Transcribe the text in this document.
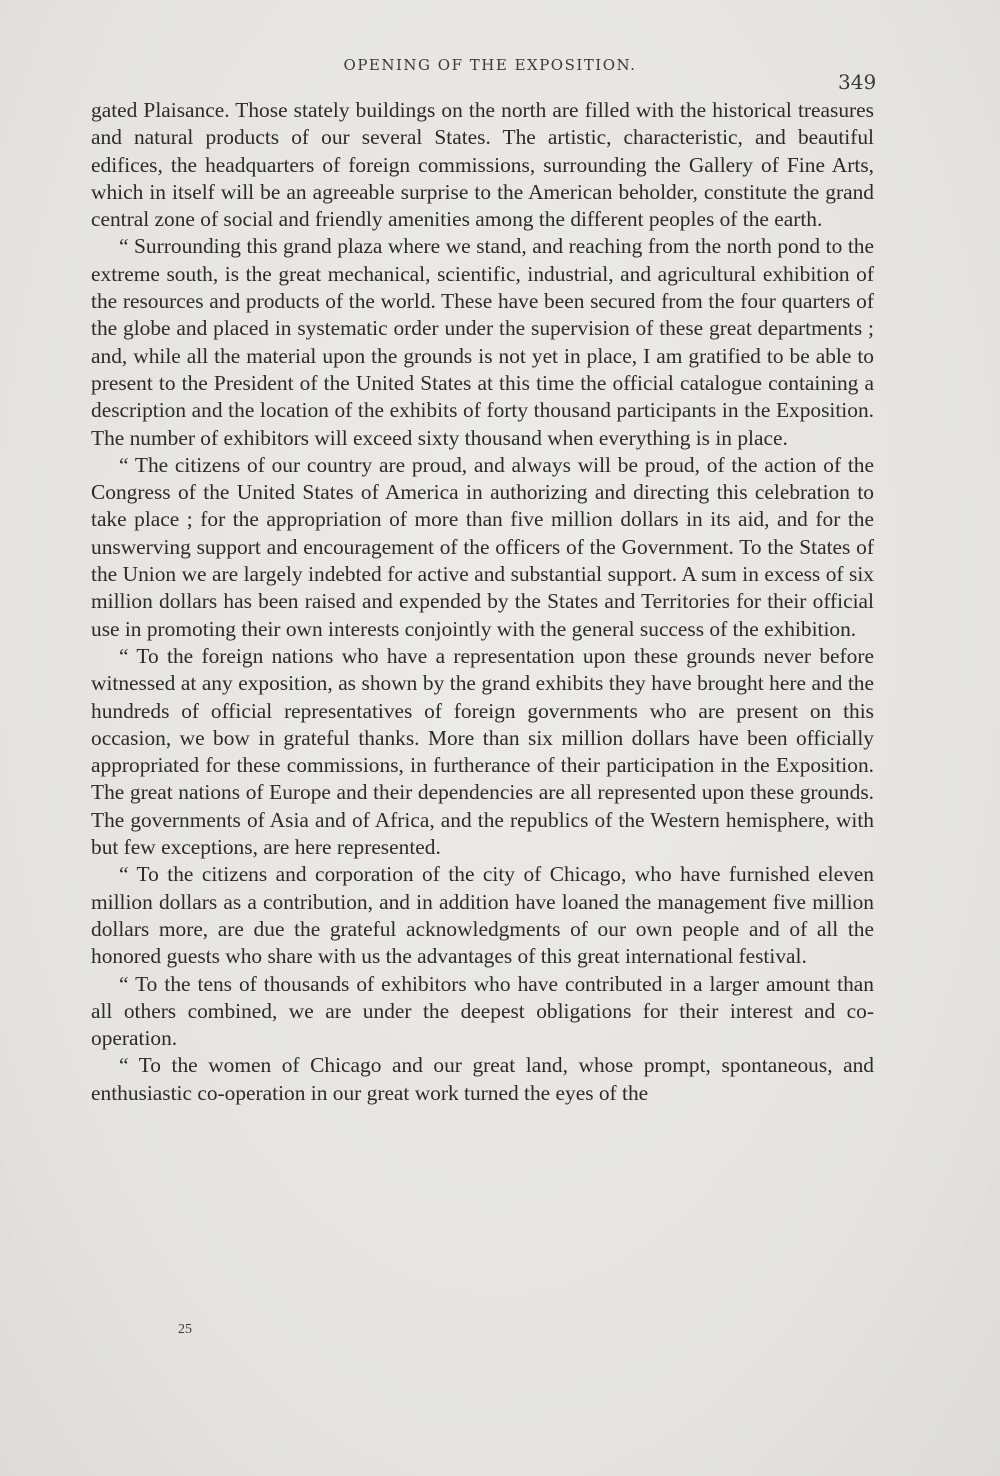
OPENING OF THE EXPOSITION.
349

gated Plaisance. Those stately buildings on the north are filled with the historical treasures and natural products of our several States. The artistic, characteristic, and beautiful edifices, the headquarters of foreign commissions, surrounding the Gallery of Fine Arts, which in itself will be an agreeable surprise to the American beholder, constitute the grand central zone of social and friendly amenities among the different peoples of the earth.

“ Surrounding this grand plaza where we stand, and reaching from the north pond to the extreme south, is the great mechanical, scientific, industrial, and agricultural exhibition of the resources and products of the world. These have been secured from the four quarters of the globe and placed in systematic order under the supervision of these great departments ; and, while all the material upon the grounds is not yet in place, I am gratified to be able to present to the President of the United States at this time the official catalogue containing a description and the location of the exhibits of forty thousand participants in the Exposition. The number of exhibitors will exceed sixty thousand when everything is in place.

“ The citizens of our country are proud, and always will be proud, of the action of the Congress of the United States of America in authorizing and directing this celebration to take place ; for the appropriation of more than five million dollars in its aid, and for the unswerving support and encouragement of the officers of the Government. To the States of the Union we are largely indebted for active and substantial support. A sum in excess of six million dollars has been raised and expended by the States and Territories for their official use in promoting their own interests conjointly with the general success of the exhibition.

“ To the foreign nations who have a representation upon these grounds never before witnessed at any exposition, as shown by the grand exhibits they have brought here and the hundreds of official representatives of foreign governments who are present on this occasion, we bow in grateful thanks. More than six million dollars have been officially appropriated for these commissions, in furtherance of their participation in the Exposition. The great nations of Europe and their dependencies are all represented upon these grounds. The governments of Asia and of Africa, and the republics of the Western hemisphere, with but few exceptions, are here represented.

“ To the citizens and corporation of the city of Chicago, who have furnished eleven million dollars as a contribution, and in addition have loaned the management five million dollars more, are due the grateful acknowledgments of our own people and of all the honored guests who share with us the advantages of this great international festival.

“ To the tens of thousands of exhibitors who have contributed in a larger amount than all others combined, we are under the deepest obligations for their interest and co-operation.

“ To the women of Chicago and our great land, whose prompt, spontaneous, and enthusiastic co-operation in our great work turned the eyes of the

25
